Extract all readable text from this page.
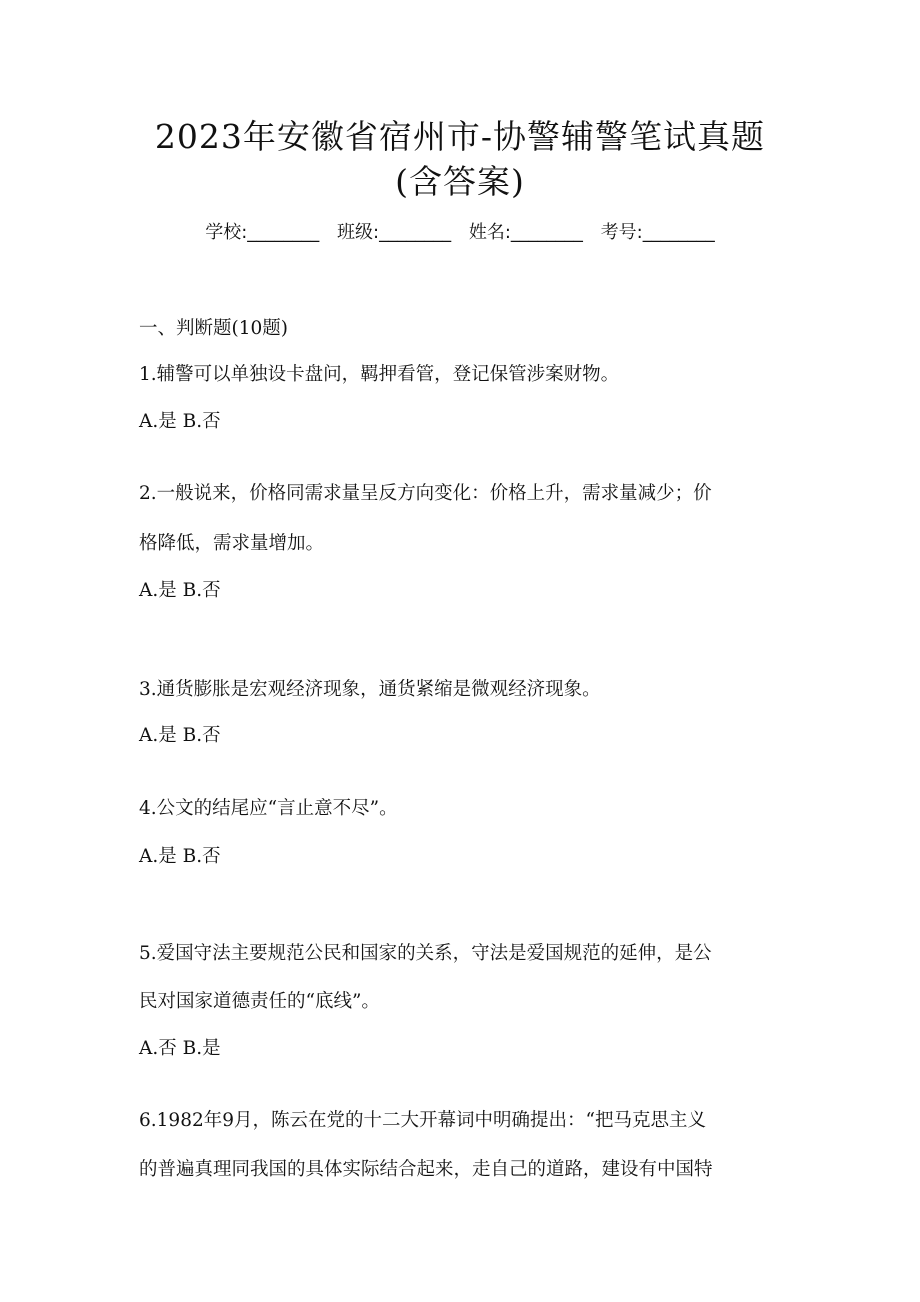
2023年安徽省宿州市-协警辅警笔试真题
(含答案)
学校:________ 班级:________ 姓名:________ 考号:________
一、判断题(10题)
1.辅警可以单独设卡盘问，羁押看管，登记保管涉案财物。
A.是 B.否
2.一般说来，价格同需求量呈反方向变化：价格上升，需求量减少；价
格降低，需求量增加。
A.是 B.否
3.通货膨胀是宏观经济现象，通货紧缩是微观经济现象。
A.是 B.否
4.公文的结尾应“言止意不尽”。
A.是 B.否
5.爱国守法主要规范公民和国家的关系，守法是爱国规范的延伸，是公
民对国家道德责任的“底线”。
A.否 B.是
6.1982年9月，陈云在党的十二大开幕词中明确提出：“把马克思主义
的普遍真理同我国的具体实际结合起来，走自己的道路，建设有中国特
